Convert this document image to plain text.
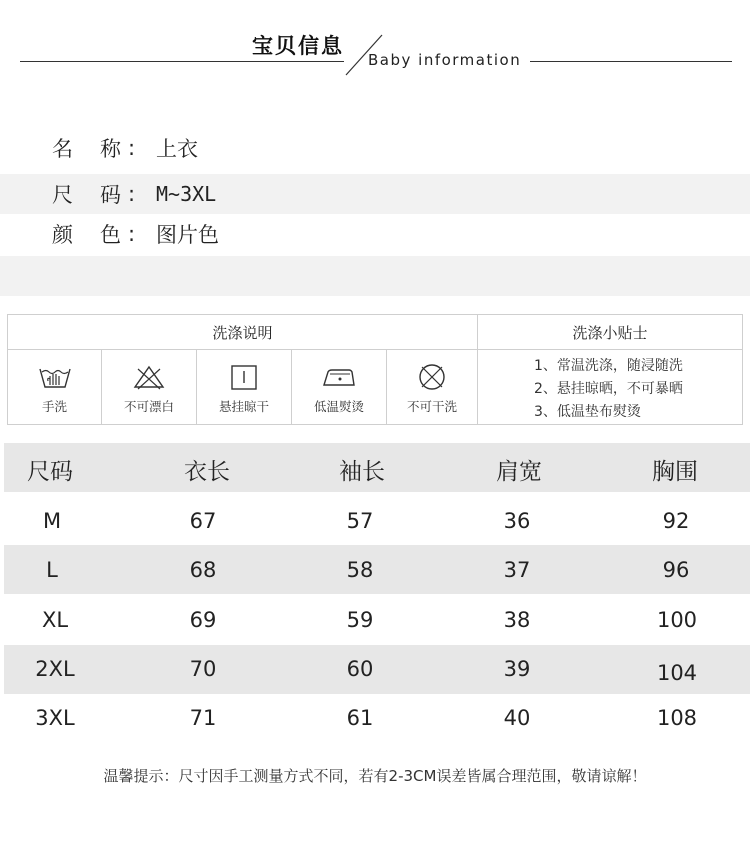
宝贝信息
Baby information
名	称 : 上衣
尺	码 :	M~3XL
颜	色 : 图片色
洗涤说明	洗涤小贴士
手洗	不可漂白	悬挂晾干	低温熨烫	不可干洗
1、常温洗涤，随浸随洗
2、悬挂晾晒，不可暴晒
3、低温垫布熨烫
尺码	衣长	袖长	肩宽	胸围
M	67	57	36	92
L	68	58	37	96
XL	69	59	38	100
2XL	70	60	39	104
3XL	71	61	40	108
温馨提示：尺寸因手工测量方式不同，若有2-3CM误差皆属合理范围，敬请谅解！
